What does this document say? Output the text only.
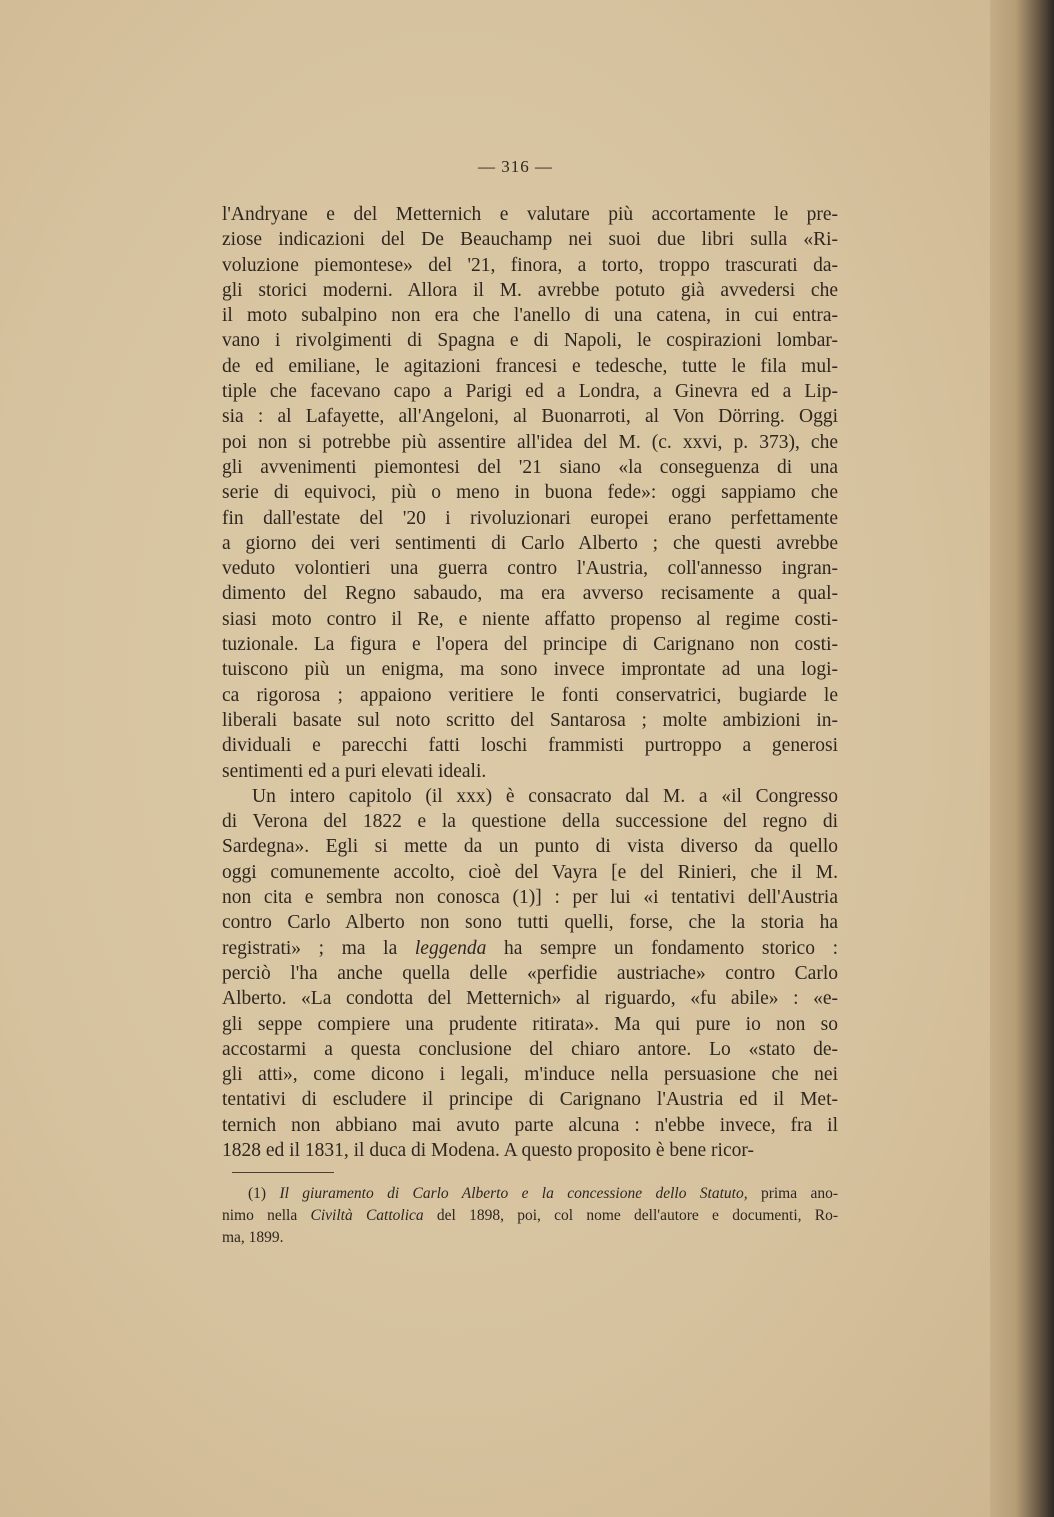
— 316 —
l'Andryane e del Metternich e valutare più accortamente le pre-
ziose indicazioni del De Beauchamp nei suoi due libri sulla «Ri-
voluzione piemontese» del '21, finora, a torto, troppo trascurati da-
gli storici moderni. Allora il M. avrebbe potuto già avvedersi che
il moto subalpino non era che l'anello di una catena, in cui entra-
vano i rivolgimenti di Spagna e di Napoli, le cospirazioni lombar-
de ed emiliane, le agitazioni francesi e tedesche, tutte le fila mul-
tiple che facevano capo a Parigi ed a Londra, a Ginevra ed a Lip-
sia : al Lafayette, all'Angeloni, al Buonarroti, al Von Dörring. Oggi
poi non si potrebbe più assentire all'idea del M. (c. xxvi, p. 373), che
gli avvenimenti piemontesi del '21 siano «la conseguenza di una
serie di equivoci, più o meno in buona fede»: oggi sappiamo che
fin dall'estate del '20 i rivoluzionari europei erano perfettamente
a giorno dei veri sentimenti di Carlo Alberto ; che questi avrebbe
veduto volontieri una guerra contro l'Austria, coll'annesso ingran-
dimento del Regno sabaudo, ma era avverso recisamente a qual-
siasi moto contro il Re, e niente affatto propenso al regime costi-
tuzionale. La figura e l'opera del principe di Carignano non costi-
tuiscono più un enigma, ma sono invece improntate ad una logi-
ca rigorosa ; appaiono veritiere le fonti conservatrici, bugiarde le
liberali basate sul noto scritto del Santarosa ; molte ambizioni in-
dividuali e parecchi fatti loschi frammisti purtroppo a generosi
sentimenti ed a puri elevati ideali.
Un intero capitolo (il xxx) è consacrato dal M. a «il Congresso
di Verona del 1822 e la questione della successione del regno di
Sardegna». Egli si mette da un punto di vista diverso da quello
oggi comunemente accolto, cioè del Vayra [e del Rinieri, che il M.
non cita e sembra non conosca (1)] : per lui «i tentativi dell'Austria
contro Carlo Alberto non sono tutti quelli, forse, che la storia ha
registrati» ; ma la leggenda ha sempre un fondamento storico :
perciò l'ha anche quella delle «perfidie austriache» contro Carlo
Alberto. «La condotta del Metternich» al riguardo, «fu abile» : «e-
gli seppe compiere una prudente ritirata». Ma qui pure io non so
accostarmi a questa conclusione del chiaro antore. Lo «stato de-
gli atti», come dicono i legali, m'induce nella persuasione che nei
tentativi di escludere il principe di Carignano l'Austria ed il Met-
ternich non abbiano mai avuto parte alcuna : n'ebbe invece, fra il
1828 ed il 1831, il duca di Modena. A questo proposito è bene ricor-
(1) Il giuramento di Carlo Alberto e la concessione dello Statuto, prima ano-
nimo nella Civiltà Cattolica del 1898, poi, col nome dell'autore e documenti, Ro-
ma, 1899.
